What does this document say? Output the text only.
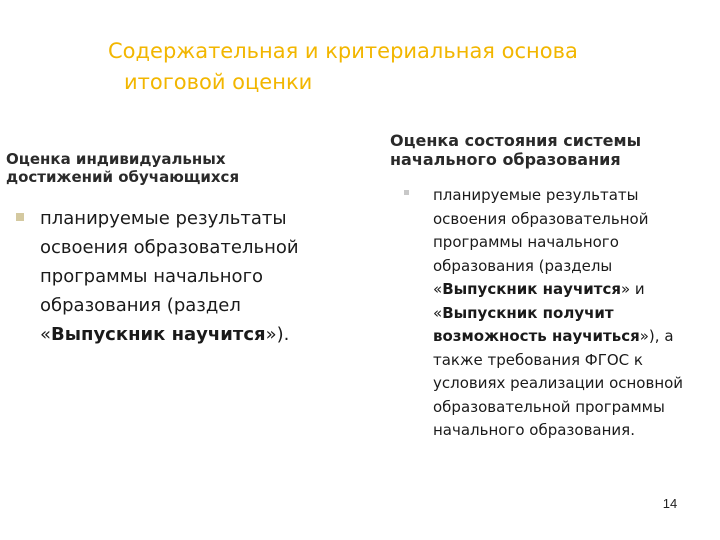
Содержательная и критериальная основа
итоговой оценки
Оценка индивидуальных достижений обучающихся
планируемые результаты освоения образовательной программы начального образования (раздел «Выпускник научится»).
Оценка состояния системы начального образования
планируемые результаты освоения образовательной программы начального образования (разделы «Выпускник научится» и «Выпускник получит возможность научиться»), а также требования ФГОС к условиях реализации основной образовательной программы начального образования.
14
